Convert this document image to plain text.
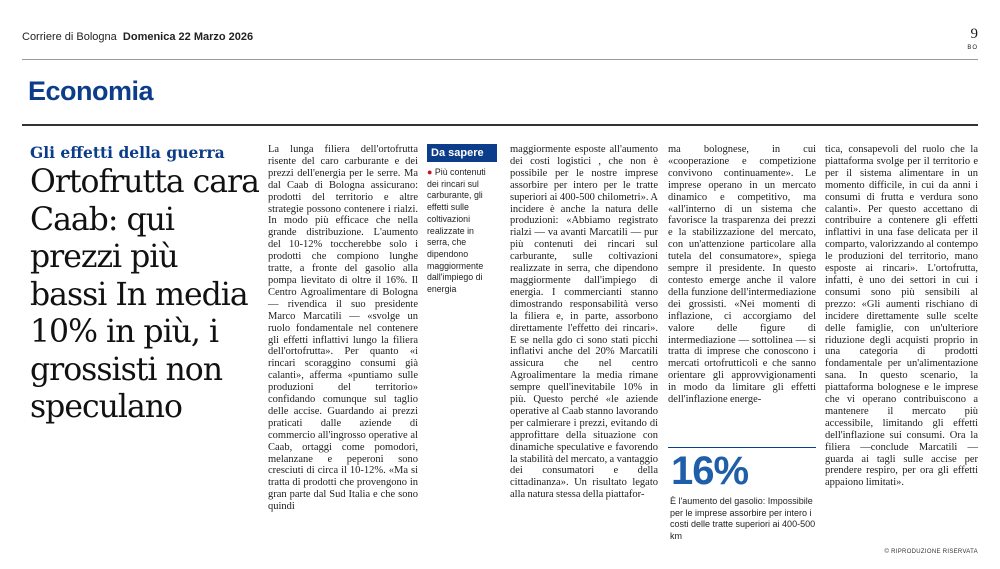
Corriere di Bologna Domenica 22 Marzo 2026	9
BO
Economia
Gli effetti della guerra
Ortofrutta cara Caab: qui prezzi più bassi In media 10% in più, i grossisti non speculano

La lunga filiera dell'ortofrutta risente del caro carburante e dei prezzi dell'energia per le serre. Ma dal Caab di Bologna assicurano: prodotti del territorio e altre strategie possono contenere i rialzi. In modo più efficace che nella grande distribuzione. L'aumento del 10-12% toccherebbe solo i prodotti che compiono lunghe tratte, a fronte del gasolio alla pompa lievitato di oltre il 16%. Il Centro Agroalimentare di Bologna — rivendica il suo presidente Marco Marcatili — «svolge un ruolo fondamentale nel contenere gli effetti inflattivi lungo la filiera dell'ortofrutta». Per quanto «i rincari scoraggino consumi già calanti», afferma «puntiamo sulle produzioni del territorio» confidando comunque sul taglio delle accise. Guardando ai prezzi praticati dalle aziende di commercio all'ingrosso operative al Caab, ortaggi come pomodori, melanzane e peperoni sono cresciuti di circa il 10-12%. «Ma si tratta di prodotti che provengono in gran parte dal Sud Italia e che sono quindi

Da sapere

● Più contenuti dei rincari sul carburante, gli effetti sulle coltivazioni realizzate in serra, che dipendono maggiormente dall'impiego di energia

maggiormente esposte all'aumento dei costi logistici , che non è possibile per le nostre imprese assorbire per intero per le tratte superiori ai 400-500 chilometri». A incidere è anche la natura delle produzioni: «Abbiamo registrato rialzi — va avanti Marcatili — pur più contenuti dei rincari sul carburante, sulle coltivazioni realizzate in serra, che dipendono maggiormente dall'impiego di energia. I commercianti stanno dimostrando responsabilità verso la filiera e, in parte, assorbono direttamente l'effetto dei rincari». E se nella gdo ci sono stati picchi inflativi anche del 20% Marcatili assicura che nel centro Agroalimentare la media rimane sempre quell'inevitabile 10% in più. Questo perché «le aziende operative al Caab stanno lavorando per calmierare i prezzi, evitando di approfittare della situazione con dinamiche speculative e favorendo la stabilità del mercato, a vantaggio dei consumatori e della cittadinanza». Un risultato legato alla natura stessa della piattafor-

ma bolognese, in cui «cooperazione e competizione convivono continuamente». Le imprese operano in un mercato dinamico e competitivo, ma «all'interno di un sistema che favorisce la trasparenza dei prezzi e la stabilizzazione del mercato, con un'attenzione particolare alla tutela del consumatore», spiega sempre il presidente. In questo contesto emerge anche il valore della funzione dell'intermediazione dei grossisti. «Nei momenti di inflazione, ci accorgiamo del valore delle figure di intermediazione — sottolinea — si tratta di imprese che conoscono i mercati ortofrutticoli e che sanno orientare gli approvvigionamenti in modo da limitare gli effetti dell'inflazione energe-

16%

È l'aumento del gasolio: Impossibile per le imprese assorbire per intero i costi delle tratte superiori ai 400-500 km

tica, consapevoli del ruolo che la piattaforma svolge per il territorio e per il sistema alimentare in un momento difficile, in cui da anni i consumi di frutta e verdura sono calanti». Per questo accettano di contribuire a contenere gli effetti inflattivi in una fase delicata per il comparto, valorizzando al contempo le produzioni del territorio, mano esposte ai rincari». L'ortofrutta, infatti, è uno dei settori in cui i consumi sono più sensibili al prezzo: «Gli aumenti rischiano di incidere direttamente sulle scelte delle famiglie, con un'ulteriore riduzione degli acquisti proprio in una categoria di prodotti fondamentale per un'alimentazione sana. In questo scenario, la piattaforma bolognese e le imprese che vi operano contribuiscono a mantenere il mercato più accessibile, limitando gli effetti dell'inflazione sui consumi. Ora la filiera —conclude Marcatili — guarda ai tagli sulle accise per prendere respiro, per ora gli effetti appaiono limitati».

© RIPRODUZIONE RISERVATA
